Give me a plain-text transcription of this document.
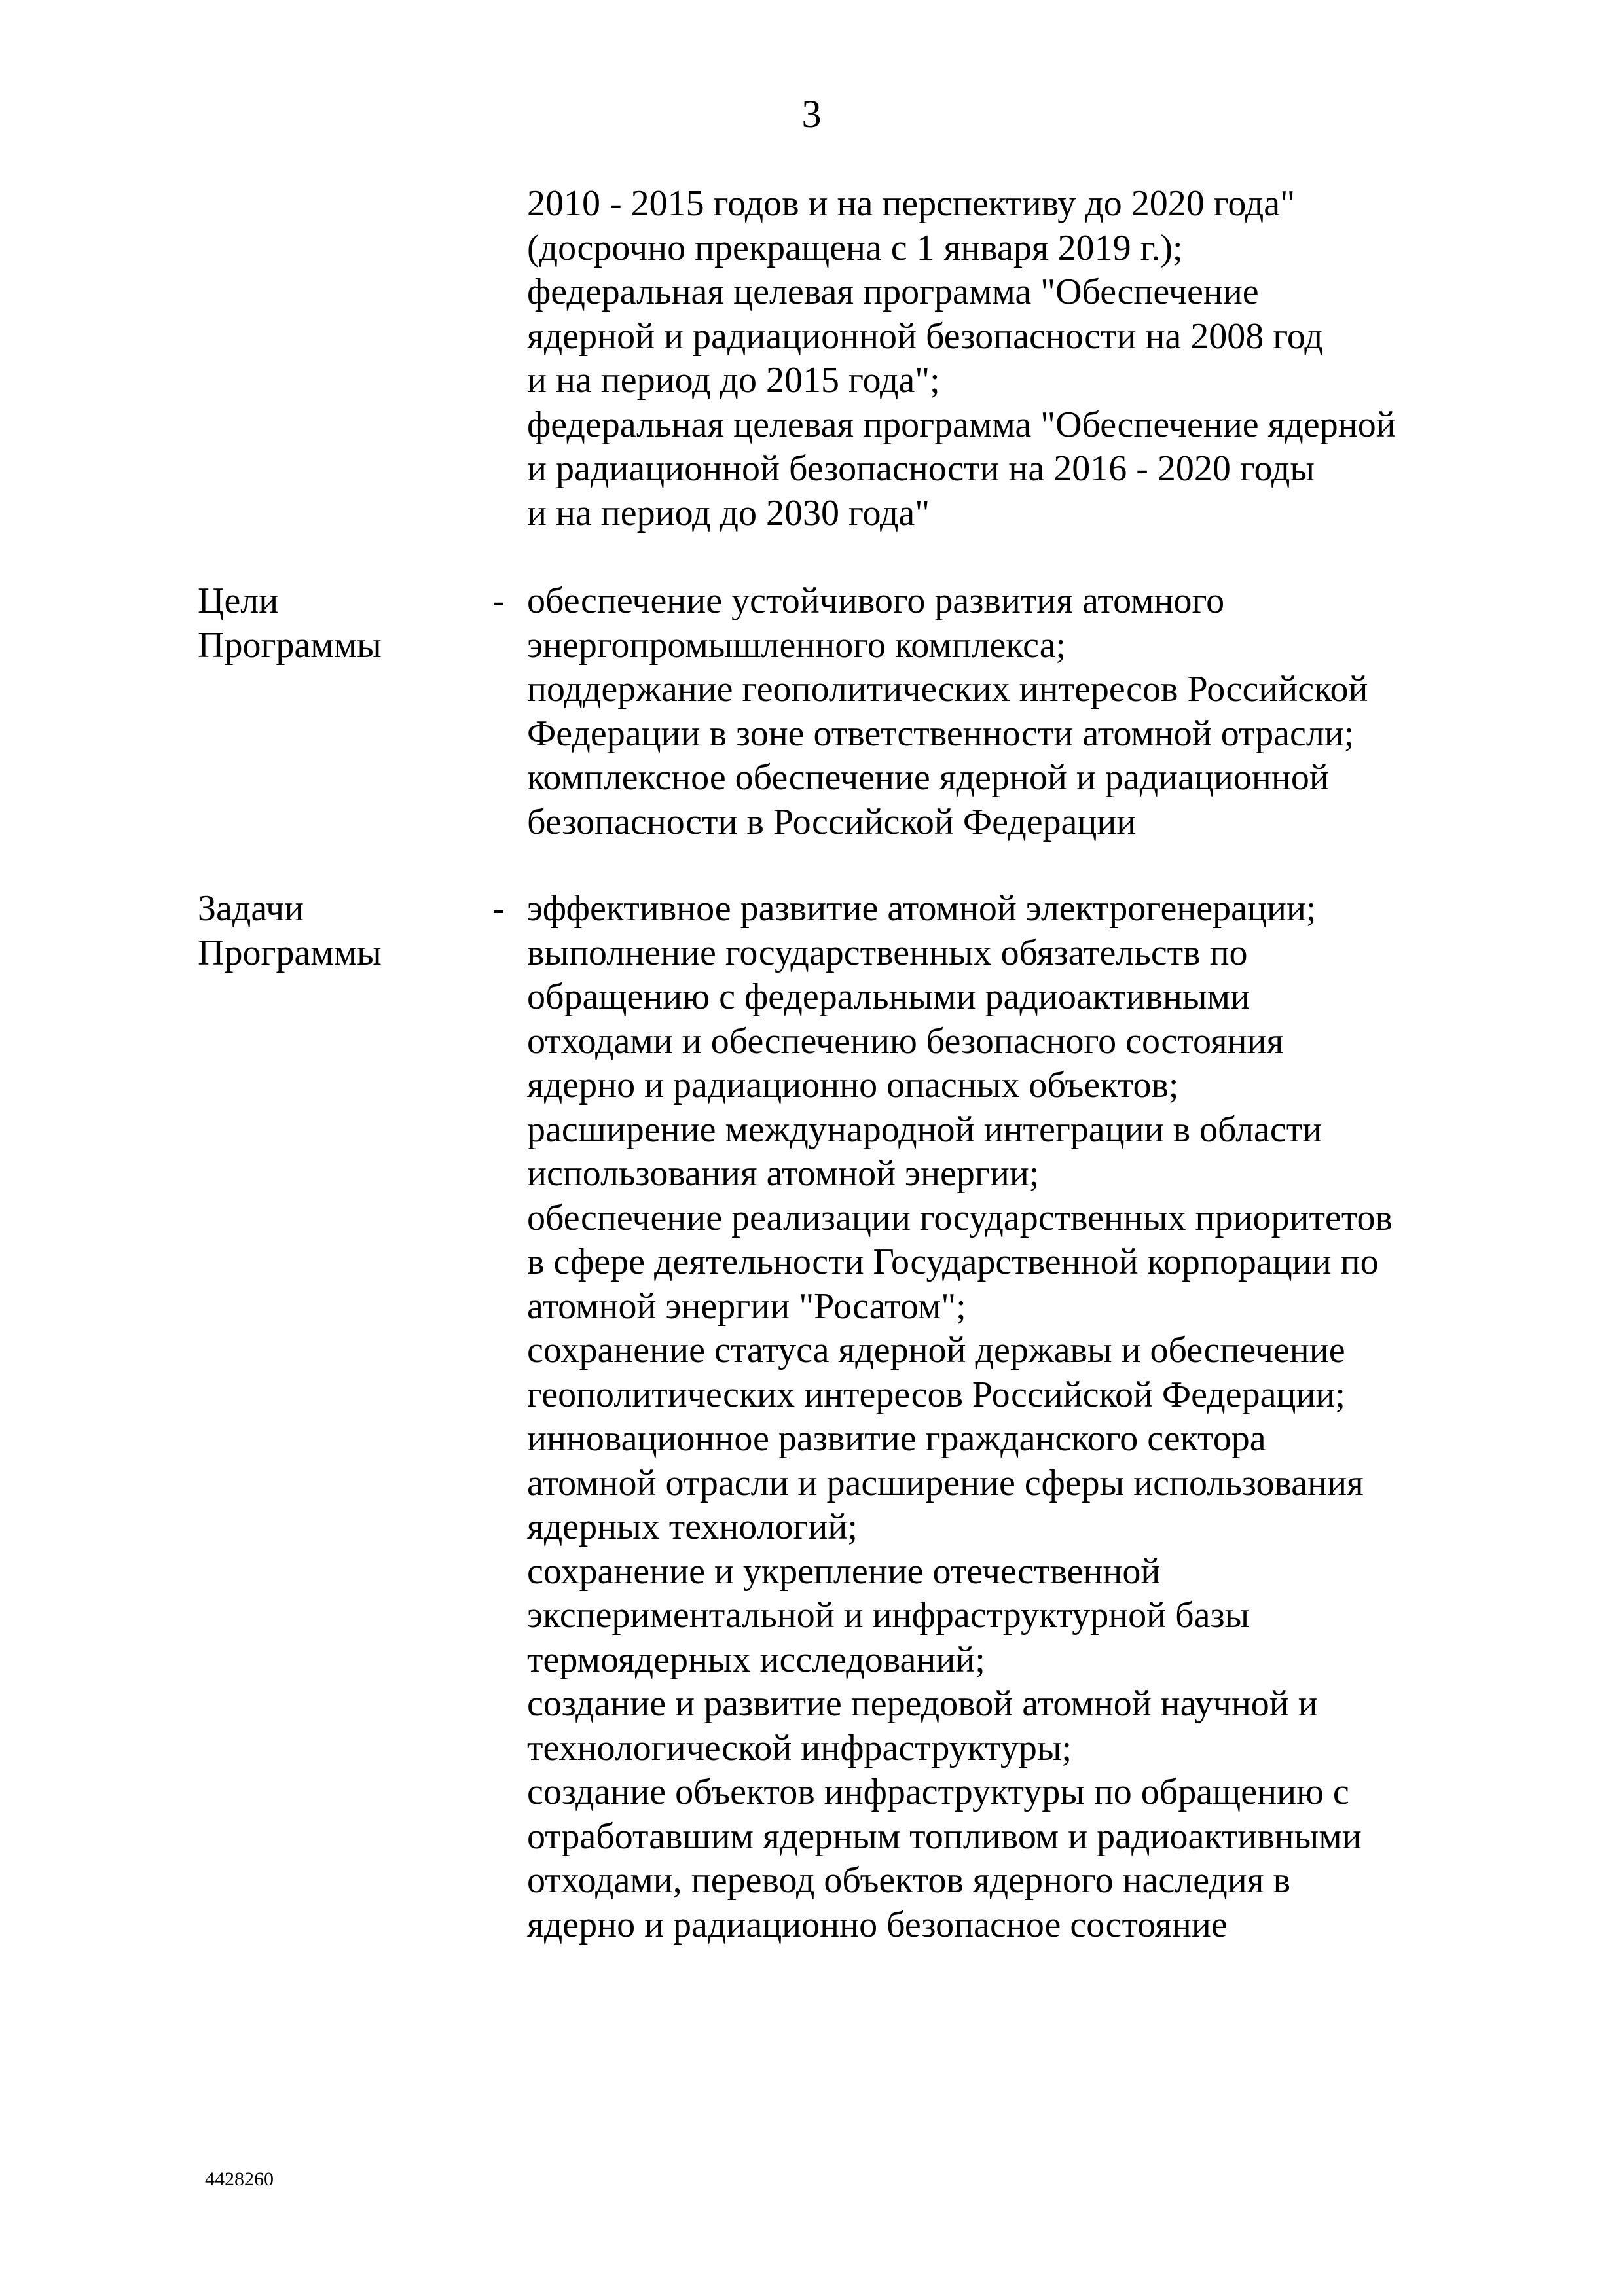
3
2010 - 2015 годов и на перспективу до 2020 года"
(досрочно прекращена с 1 января 2019 г.);
федеральная целевая программа "Обеспечение
ядерной и радиационной безопасности на 2008 год
и на период до 2015 года";
федеральная целевая программа "Обеспечение ядерной
и радиационной безопасности на 2016 - 2020 годы
и на период до 2030 года"
Цели
Программы
- обеспечение устойчивого развития атомного
энергопромышленного комплекса;
поддержание геополитических интересов Российской
Федерации в зоне ответственности атомной отрасли;
комплексное обеспечение ядерной и радиационной
безопасности в Российской Федерации
Задачи
Программы
- эффективное развитие атомной электрогенерации;
выполнение государственных обязательств по
обращению с федеральными радиоактивными
отходами и обеспечению безопасного состояния
ядерно и радиационно опасных объектов;
расширение международной интеграции в области
использования атомной энергии;
обеспечение реализации государственных приоритетов
в сфере деятельности Государственной корпорации по
атомной энергии "Росатом";
сохранение статуса ядерной державы и обеспечение
геополитических интересов Российской Федерации;
инновационное развитие гражданского сектора
атомной отрасли и расширение сферы использования
ядерных технологий;
сохранение и укрепление отечественной
экспериментальной и инфраструктурной базы
термоядерных исследований;
создание и развитие передовой атомной научной и
технологической инфраструктуры;
создание объектов инфраструктуры по обращению с
отработавшим ядерным топливом и радиоактивными
отходами, перевод объектов ядерного наследия в
ядерно и радиационно безопасное состояние
4428260
